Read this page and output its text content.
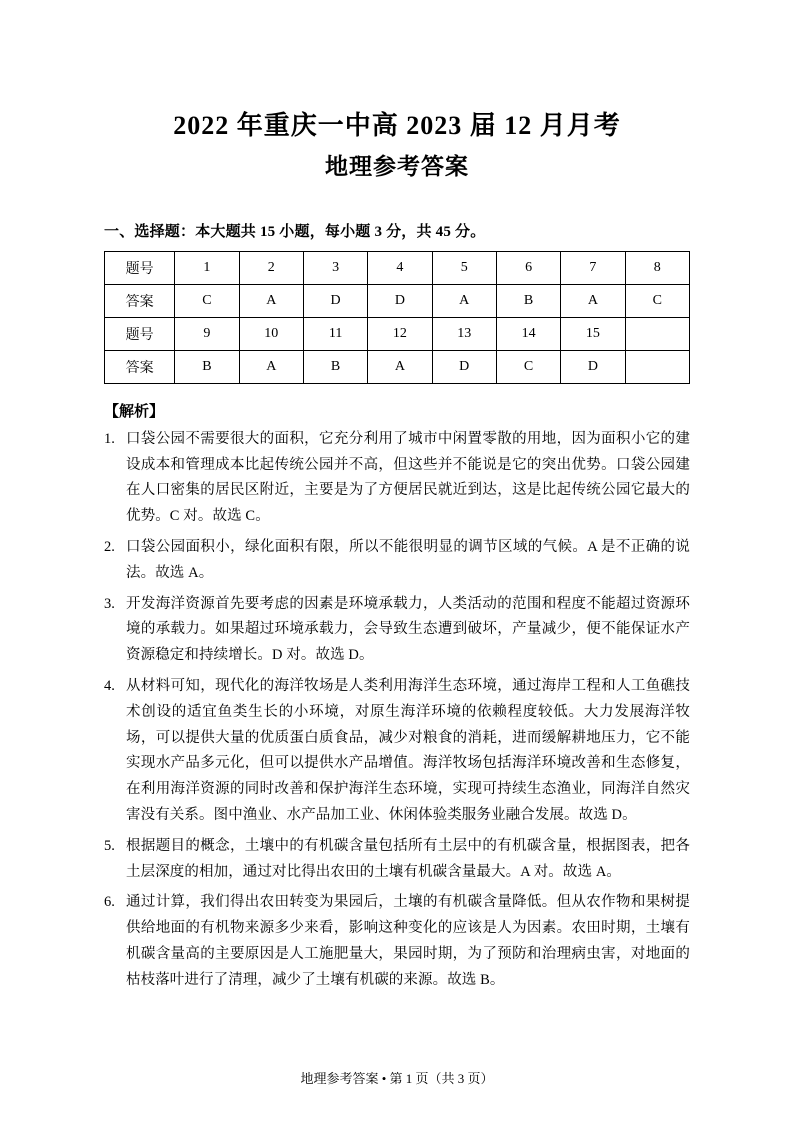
2022 年重庆一中高 2023 届 12 月月考
地理参考答案
一、选择题：本大题共 15 小题，每小题 3 分，共 45 分。
题号	1	2	3	4	5	6	7	8
答案	C	A	D	D	A	B	A	C
题号	9	10	11	12	13	14	15	
答案	B	A	B	A	D	C	D	
【解析】
1. 口袋公园不需要很大的面积，它充分利用了城市中闲置零散的用地，因为面积小它的建设成本和管理成本比起传统公园并不高，但这些并不能说是它的突出优势。口袋公园建在人口密集的居民区附近，主要是为了方便居民就近到达，这是比起传统公园它最大的优势。C 对。故选 C。
2. 口袋公园面积小，绿化面积有限，所以不能很明显的调节区域的气候。A 是不正确的说法。故选 A。
3. 开发海洋资源首先要考虑的因素是环境承载力，人类活动的范围和程度不能超过资源环境的承载力。如果超过环境承载力，会导致生态遭到破坏，产量减少，便不能保证水产资源稳定和持续增长。D 对。故选 D。
4. 从材料可知，现代化的海洋牧场是人类利用海洋生态环境，通过海岸工程和人工鱼礁技术创设的适宜鱼类生长的小环境，对原生海洋环境的依赖程度较低。大力发展海洋牧场，可以提供大量的优质蛋白质食品，减少对粮食的消耗，进而缓解耕地压力，它不能实现水产品多元化，但可以提供水产品增值。海洋牧场包括海洋环境改善和生态修复，在利用海洋资源的同时改善和保护海洋生态环境，实现可持续生态渔业，同海洋自然灾害没有关系。图中渔业、水产品加工业、休闲体验类服务业融合发展。故选 D。
5. 根据题目的概念，土壤中的有机碳含量包括所有土层中的有机碳含量，根据图表，把各土层深度的相加，通过对比得出农田的土壤有机碳含量最大。A 对。故选 A。
6. 通过计算，我们得出农田转变为果园后，土壤的有机碳含量降低。但从农作物和果树提供给地面的有机物来源多少来看，影响这种变化的应该是人为因素。农田时期，土壤有机碳含量高的主要原因是人工施肥量大，果园时期，为了预防和治理病虫害，对地面的枯枝落叶进行了清理，减少了土壤有机碳的来源。故选 B。
地理参考答案 • 第 1 页（共 3 页）
